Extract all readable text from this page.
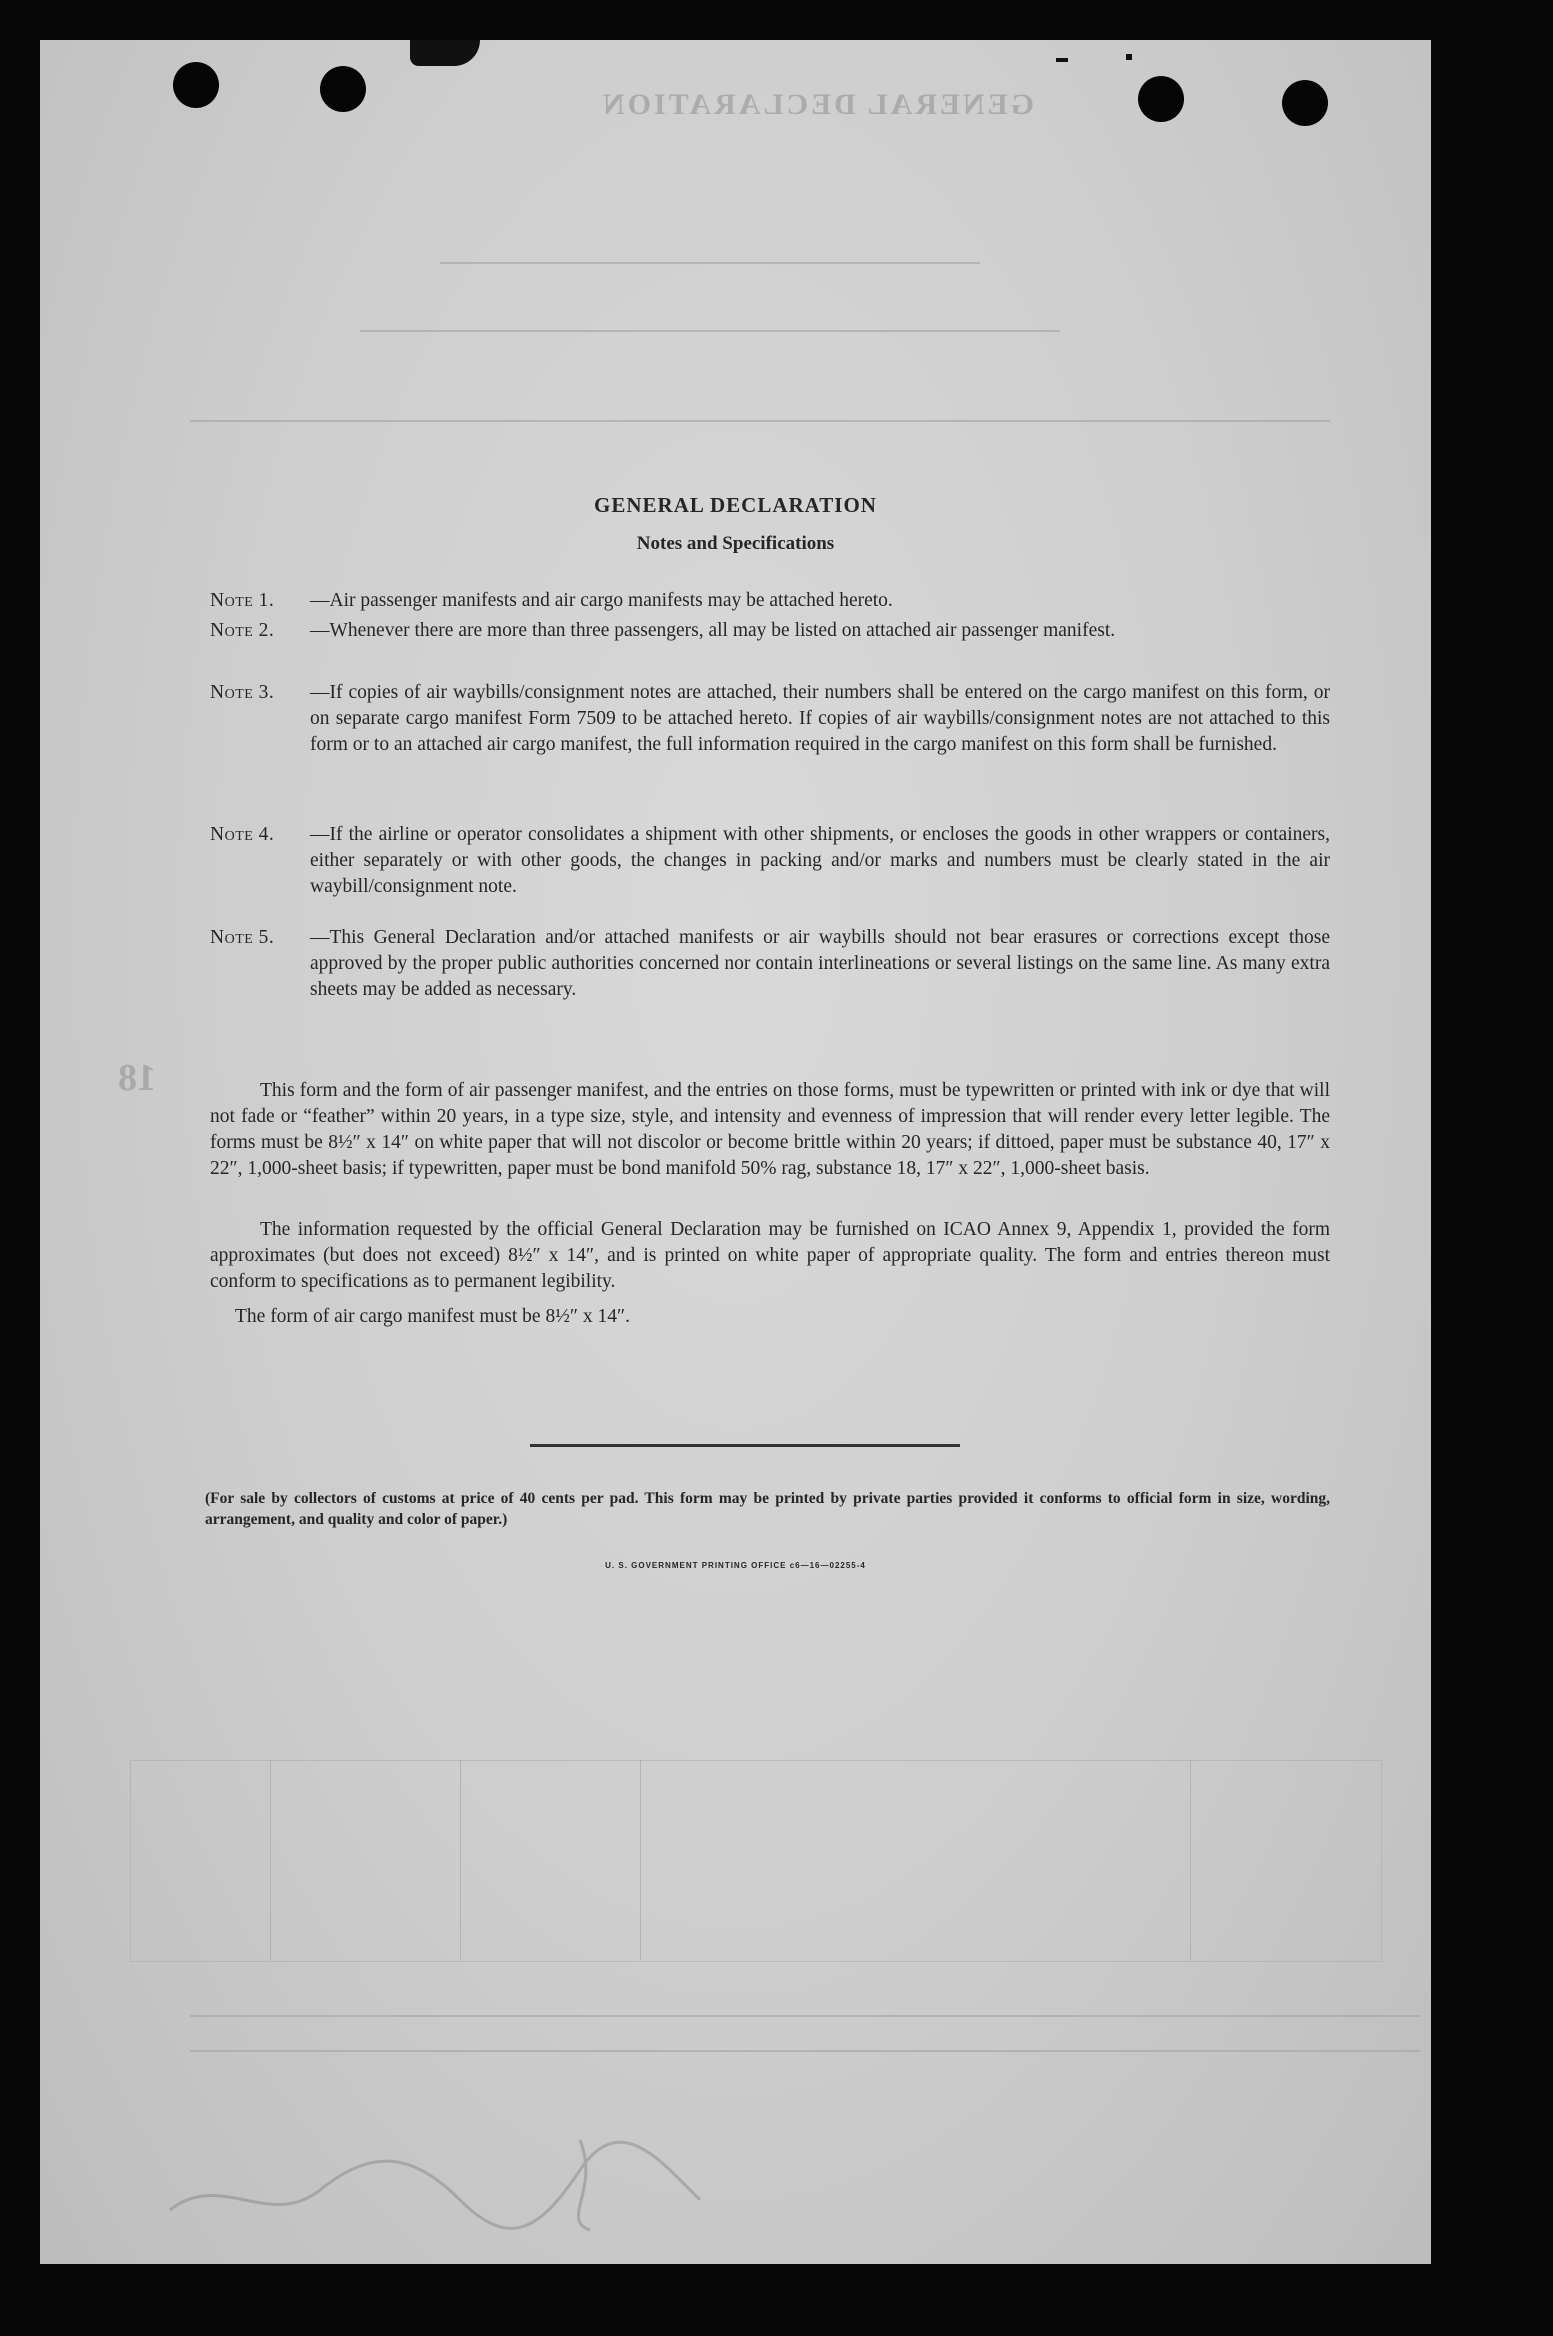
GENERAL DECLARATION
18
GENERAL DECLARATION
Notes and Specifications
Note 1.	—Air passenger manifests and air cargo manifests may be attached hereto.
Note 2.	—Whenever there are more than three passengers, all may be listed on attached air passenger manifest.
Note 3.	—If copies of air waybills/consignment notes are attached, their numbers shall be entered on the cargo manifest on this form, or on separate cargo manifest Form 7509 to be attached hereto. If copies of air waybills/consignment notes are not attached to this form or to an attached air cargo manifest, the full information required in the cargo manifest on this form shall be furnished.
Note 4.	—If the airline or operator consolidates a shipment with other shipments, or encloses the goods in other wrappers or containers, either separately or with other goods, the changes in packing and/or marks and numbers must be clearly stated in the air waybill/consignment note.
Note 5.	—This General Declaration and/or attached manifests or air waybills should not bear erasures or corrections except those approved by the proper public authorities concerned nor contain interlineations or several listings on the same line. As many extra sheets may be added as necessary.
This form and the form of air passenger manifest, and the entries on those forms, must be typewritten or printed with ink or dye that will not fade or “feather” within 20 years, in a type size, style, and intensity and evenness of impression that will render every letter legible. The forms must be 8½″ x 14″ on white paper that will not discolor or become brittle within 20 years; if dittoed, paper must be substance 40, 17″ x 22″, 1,000-sheet basis; if typewritten, paper must be bond manifold 50% rag, substance 18, 17″ x 22″, 1,000-sheet basis.
The information requested by the official General Declaration may be furnished on ICAO Annex 9, Appendix 1, provided the form approximates (but does not exceed) 8½″ x 14″, and is printed on white paper of appropriate quality. The form and entries thereon must conform to specifications as to permanent legibility.
The form of air cargo manifest must be 8½″ x 14″.
(For sale by collectors of customs at price of 40 cents per pad. This form may be printed by private parties provided it conforms to official form in size, wording, arrangement, and quality and color of paper.)
U. S. GOVERNMENT PRINTING OFFICE c6—16—02255-4
